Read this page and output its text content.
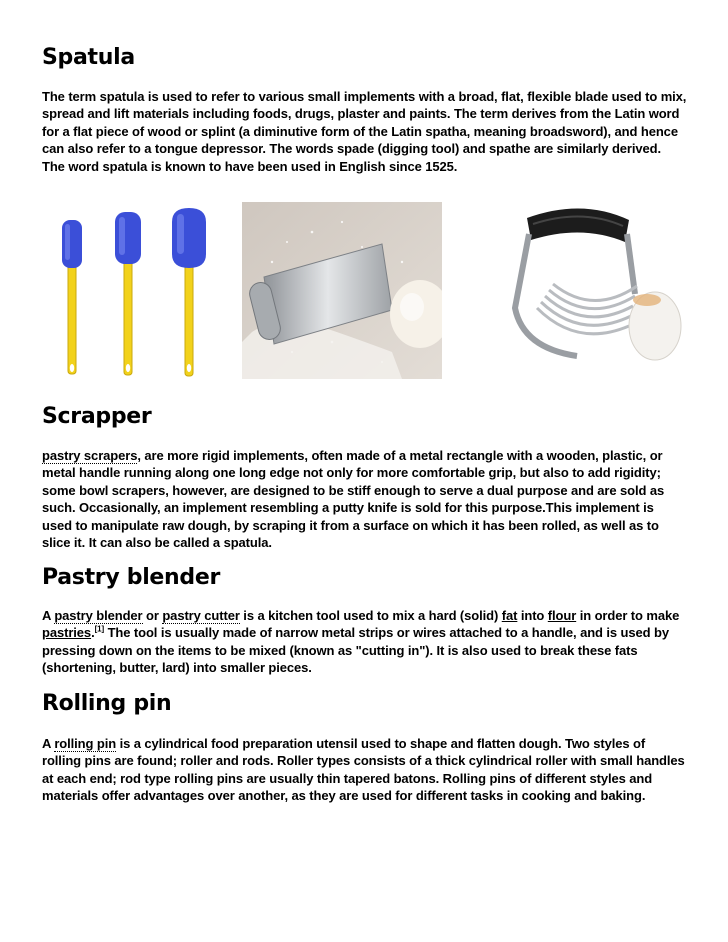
Spatula

The term spatula is used to refer to various small implements with a broad, flat, flexible blade used to mix, spread and lift materials including foods, drugs, plaster and paints. The term derives from the Latin word for a flat piece of wood or splint (a diminutive form of the Latin spatha, meaning broadsword), and hence can also refer to a tongue depressor. The words spade (digging tool) and spathe are similarly derived. The word spatula is known to have been used in English since 1525.

Scrapper

pastry scrapers, are more rigid implements, often made of a metal rectangle with a wooden, plastic, or metal handle running along one long edge not only for more comfortable grip, but also to add rigidity; some bowl scrapers, however, are designed to be stiff enough to serve a dual purpose and are sold as such. Occasionally, an implement resembling a putty knife is sold for this purpose.This implement is used to manipulate raw dough, by scraping it from a surface on which it has been rolled, as well as to slice it. It can also be called a spatula.

Pastry blender

A pastry blender or pastry cutter is a kitchen tool used to mix a hard (solid) fat into flour in order to make pastries.[1] The tool is usually made of narrow metal strips or wires attached to a handle, and is used by pressing down on the items to be mixed (known as "cutting in"). It is also used to break these fats (shortening, butter, lard) into smaller pieces.

Rolling pin

A rolling pin is a cylindrical food preparation utensil used to shape and flatten dough. Two styles of rolling pins are found; roller and rods. Roller types consists of a thick cylindrical roller with small handles at each end; rod type rolling pins are usually thin tapered batons. Rolling pins of different styles and materials offer advantages over another, as they are used for different tasks in cooking and baking.
